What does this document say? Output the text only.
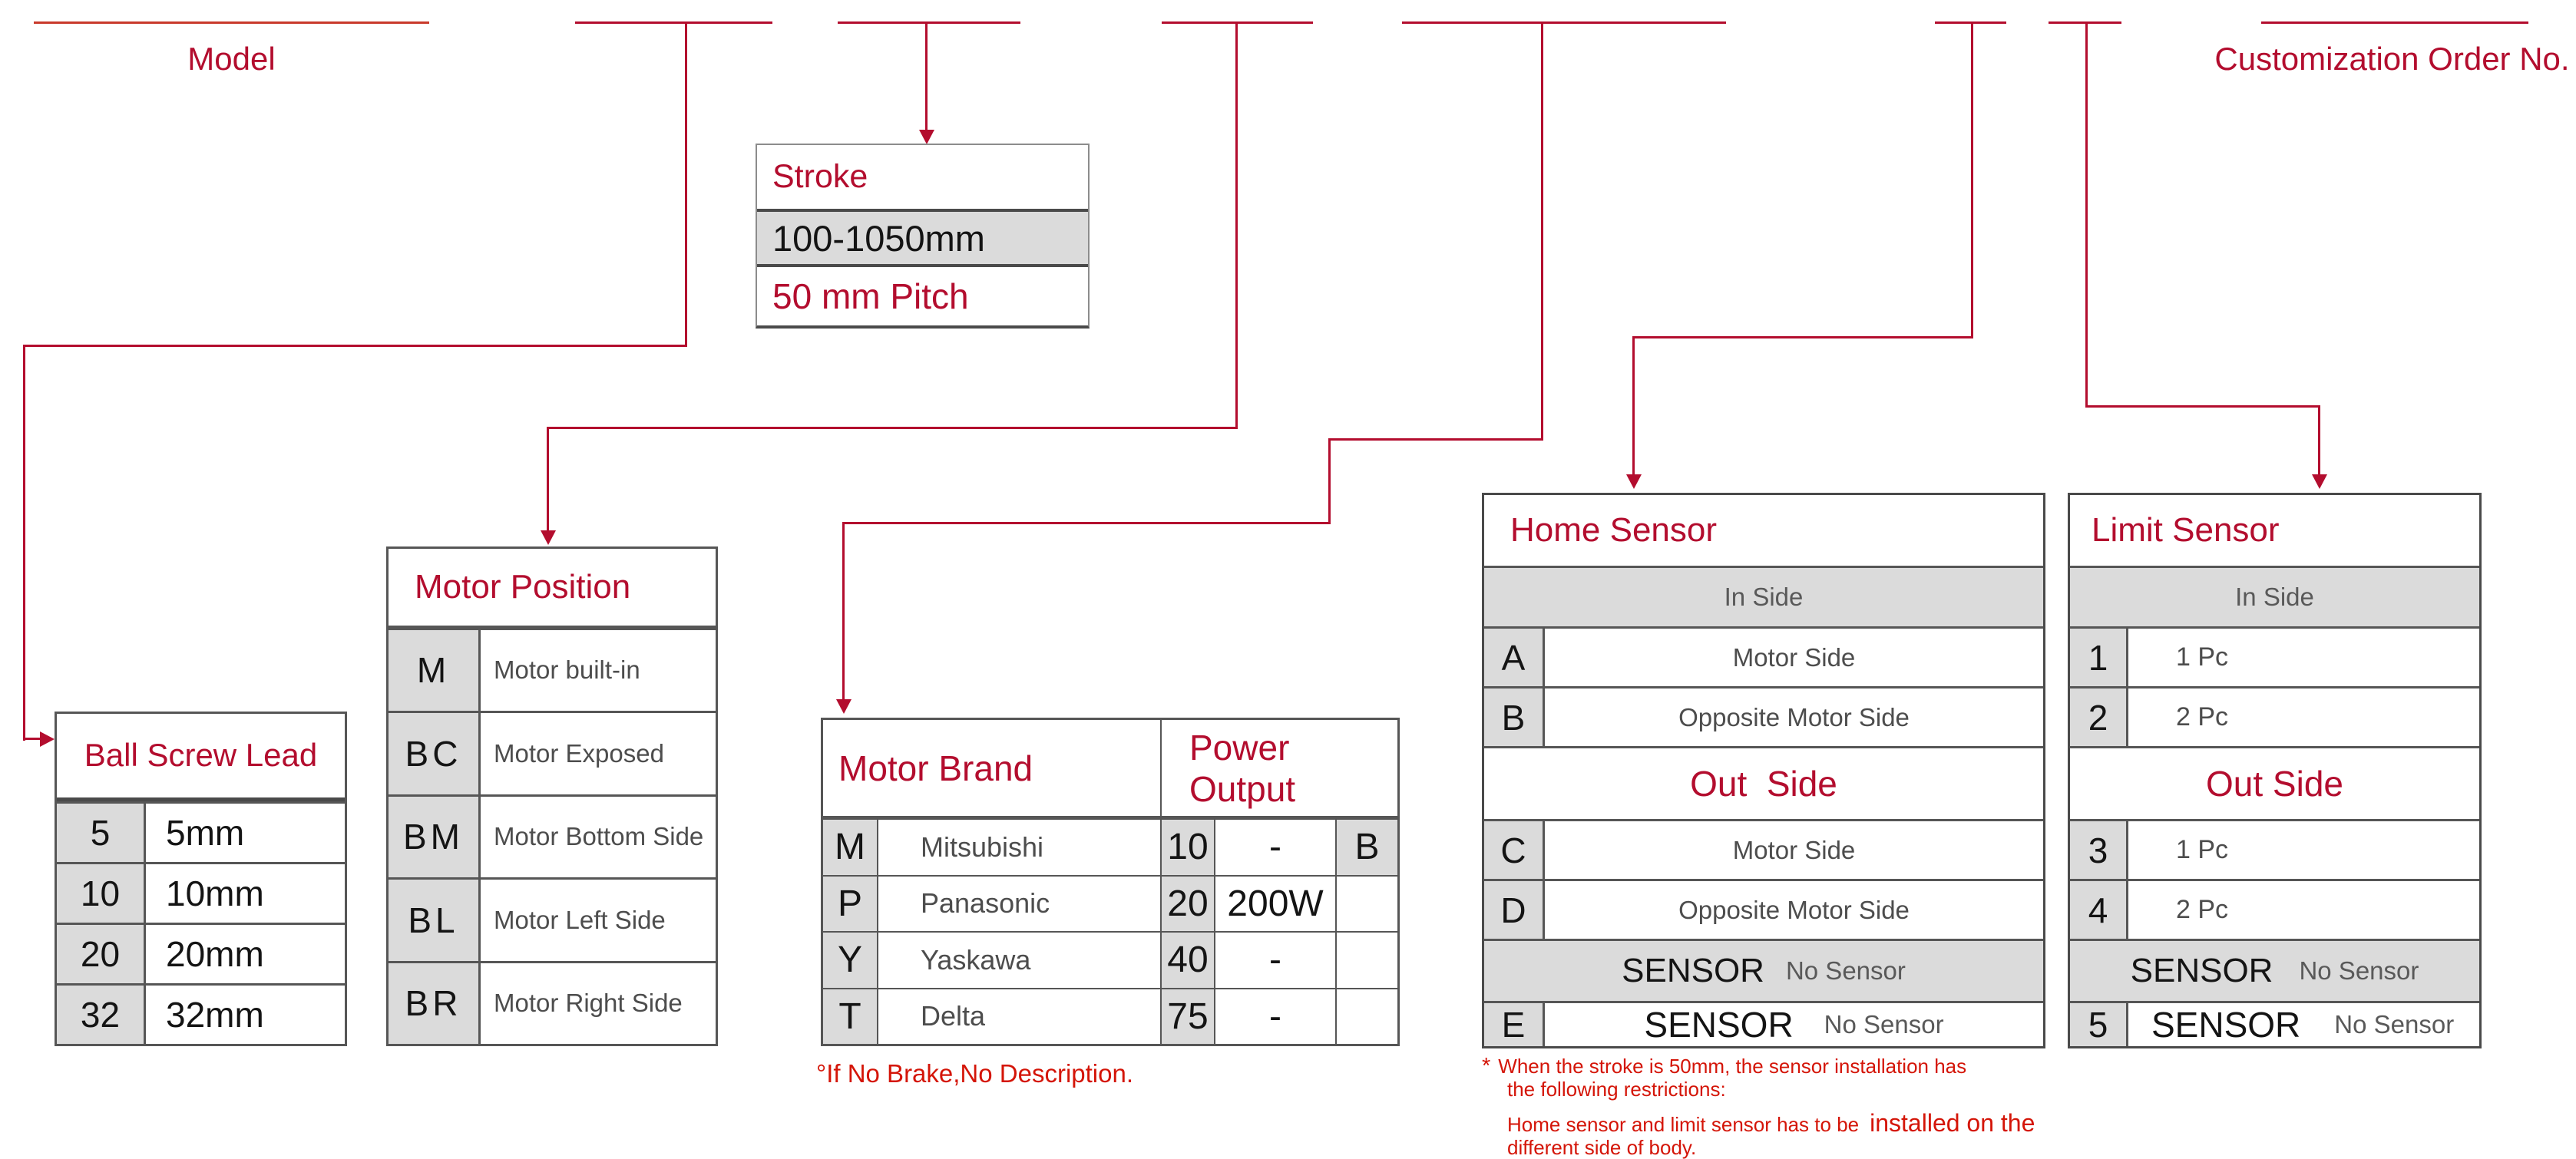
Model	Customization Order No.
Stroke
100-1050mm
50 mm Pitch
Ball Screw Lead
5	5mm
10	10mm
20	20mm
32	32mm
Motor Position
M	Motor built-in
BC	Motor Exposed
BM	Motor Bottom Side
BL	Motor Left Side
BR	Motor Right Side
Motor Brand
Power Output
M	Mitsubishi	10	-	B
P	Panasonic	20 200W
Y	Yaskawa	40	-
T	Delta	75	-
°If No Brake,No Description.
Home Sensor
In Side
A	Motor Side
B	Opposite Motor Side
Out  Side
C	Motor Side
D	Opposite Motor Side
SENSOR No Sensor
E	SENSOR No Sensor
Limit Sensor
In Side
1	1 Pc
2	2 Pc
Out Side
3	1 Pc
4	2 Pc
SENSOR No Sensor
5	SENSOR No Sensor
* When the stroke is 50mm, the sensor installation has
the following restrictions:
Home sensor and limit sensor has to be installed on the
different side of body.
